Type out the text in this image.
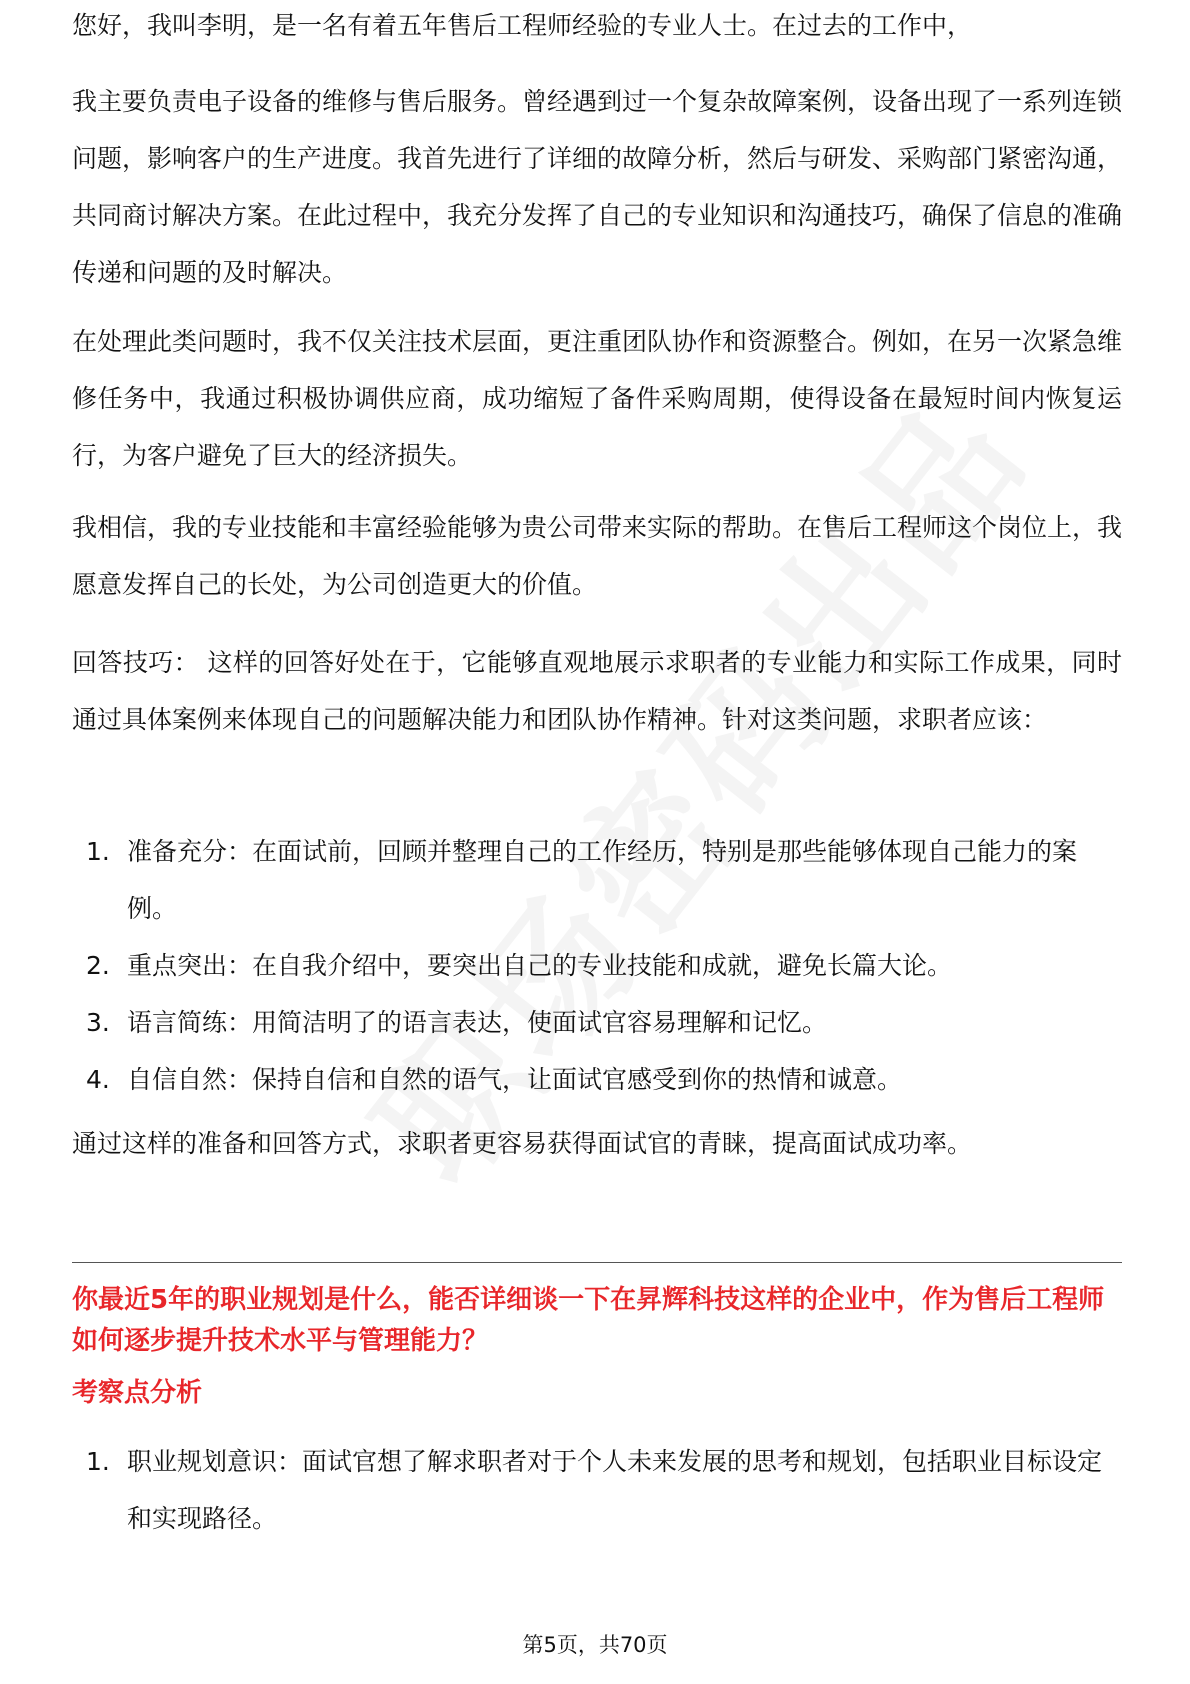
您好，我叫李明，是一名有着五年售后工程师经验的专业人士。在过去的工作中，

我主要负责电子设备的维修与售后服务。曾经遇到过一个复杂故障案例，设备出现了一系列连锁问题，影响客户的生产进度。我首先进行了详细的故障分析，然后与研发、采购部门紧密沟通，共同商讨解决方案。在此过程中，我充分发挥了自己的专业知识和沟通技巧，确保了信息的准确传递和问题的及时解决。

在处理此类问题时，我不仅关注技术层面，更注重团队协作和资源整合。例如，在另一次紧急维修任务中，我通过积极协调供应商，成功缩短了备件采购周期，使得设备在最短时间内恢复运行，为客户避免了巨大的经济损失。

我相信，我的专业技能和丰富经验能够为贵公司带来实际的帮助。在售后工程师这个岗位上，我愿意发挥自己的长处，为公司创造更大的价值。

回答技巧： 这样的回答好处在于，它能够直观地展示求职者的专业能力和实际工作成果，同时通过具体案例来体现自己的问题解决能力和团队协作精神。针对这类问题，求职者应该：

1. 准备充分：在面试前，回顾并整理自己的工作经历，特别是那些能够体现自己能力的案例。
2. 重点突出：在自我介绍中，要突出自己的专业技能和成就，避免长篇大论。
3. 语言简练：用简洁明了的语言表达，使面试官容易理解和记忆。
4. 自信自然：保持自信和自然的语气，让面试官感受到你的热情和诚意。

通过这样的准备和回答方式，求职者更容易获得面试官的青睐，提高面试成功率。

你最近5年的职业规划是什么，能否详细谈一下在昇辉科技这样的企业中，作为售后工程师如何逐步提升技术水平与管理能力？

考察点分析

1. 职业规划意识：面试官想了解求职者对于个人未来发展的思考和规划，包括职业目标设定和实现路径。
第5页，共70页
